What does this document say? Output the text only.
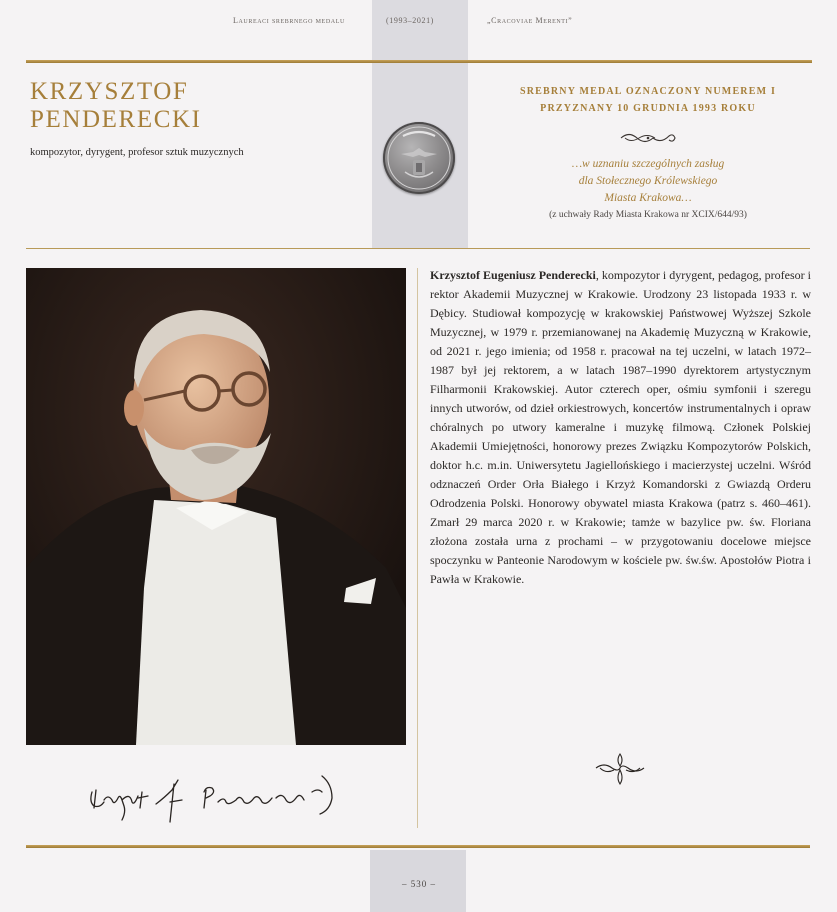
Laureaci srebrnego medalu	(1993–2021)	„Cracoviae Merenti”
KRZYSZTOF
PENDERECKI
kompozytor, dyrygent, profesor sztuk muzycznych
SREBRNY MEDAL OZNACZONY NUMEREM I
PRZYZNANY 10 GRUDNIA 1993 ROKU
…w uznaniu szczególnych zasług
dla Stołecznego Królewskiego
Miasta Krakowa…
(z uchwały Rady Miasta Krakowa nr XCIX/644/93)
Krzysztof Eugeniusz Penderecki, kompozytor i dyrygent, pedagog, profesor i rektor Akademii Muzycznej w Krakowie. Urodzony 23 listopada 1933 r. w Dębicy. Studiował kompozycję w krakowskiej Państwowej Wyższej Szkole Muzycznej, w 1979 r. przemianowanej na Akademię Muzyczną w Krakowie, od 2021 r. jego imienia; od 1958 r. pracował na tej uczelni, w latach 1972–1987 był jej rektorem, a w latach 1987–1990 dyrektorem artystycznym Filharmonii Krakowskiej. Autor czterech oper, ośmiu symfonii i szeregu innych utworów, od dzieł orkiestrowych, koncertów instrumentalnych i opraw chóralnych po utwory kameralne i muzykę filmową. Członek Polskiej Akademii Umiejętności, honorowy prezes Związku Kompozytorów Polskich, doktor h.c. m.in. Uniwersytetu Jagiellońskiego i macierzystej uczelni. Wśród odznaczeń Order Orła Białego i Krzyż Komandorski z Gwiazdą Orderu Odrodzenia Polski. Honorowy obywatel miasta Krakowa (patrz s. 460–461). Zmarł 29 marca 2020 r. w Krakowie; tamże w bazylice pw. św. Floriana złożona została urna z prochami – w przygotowaniu docelowe miejsce spoczynku w Panteonie Narodowym w kościele pw. św.św. Apostołów Piotra i Pawła w Krakowie.
– 530 –
